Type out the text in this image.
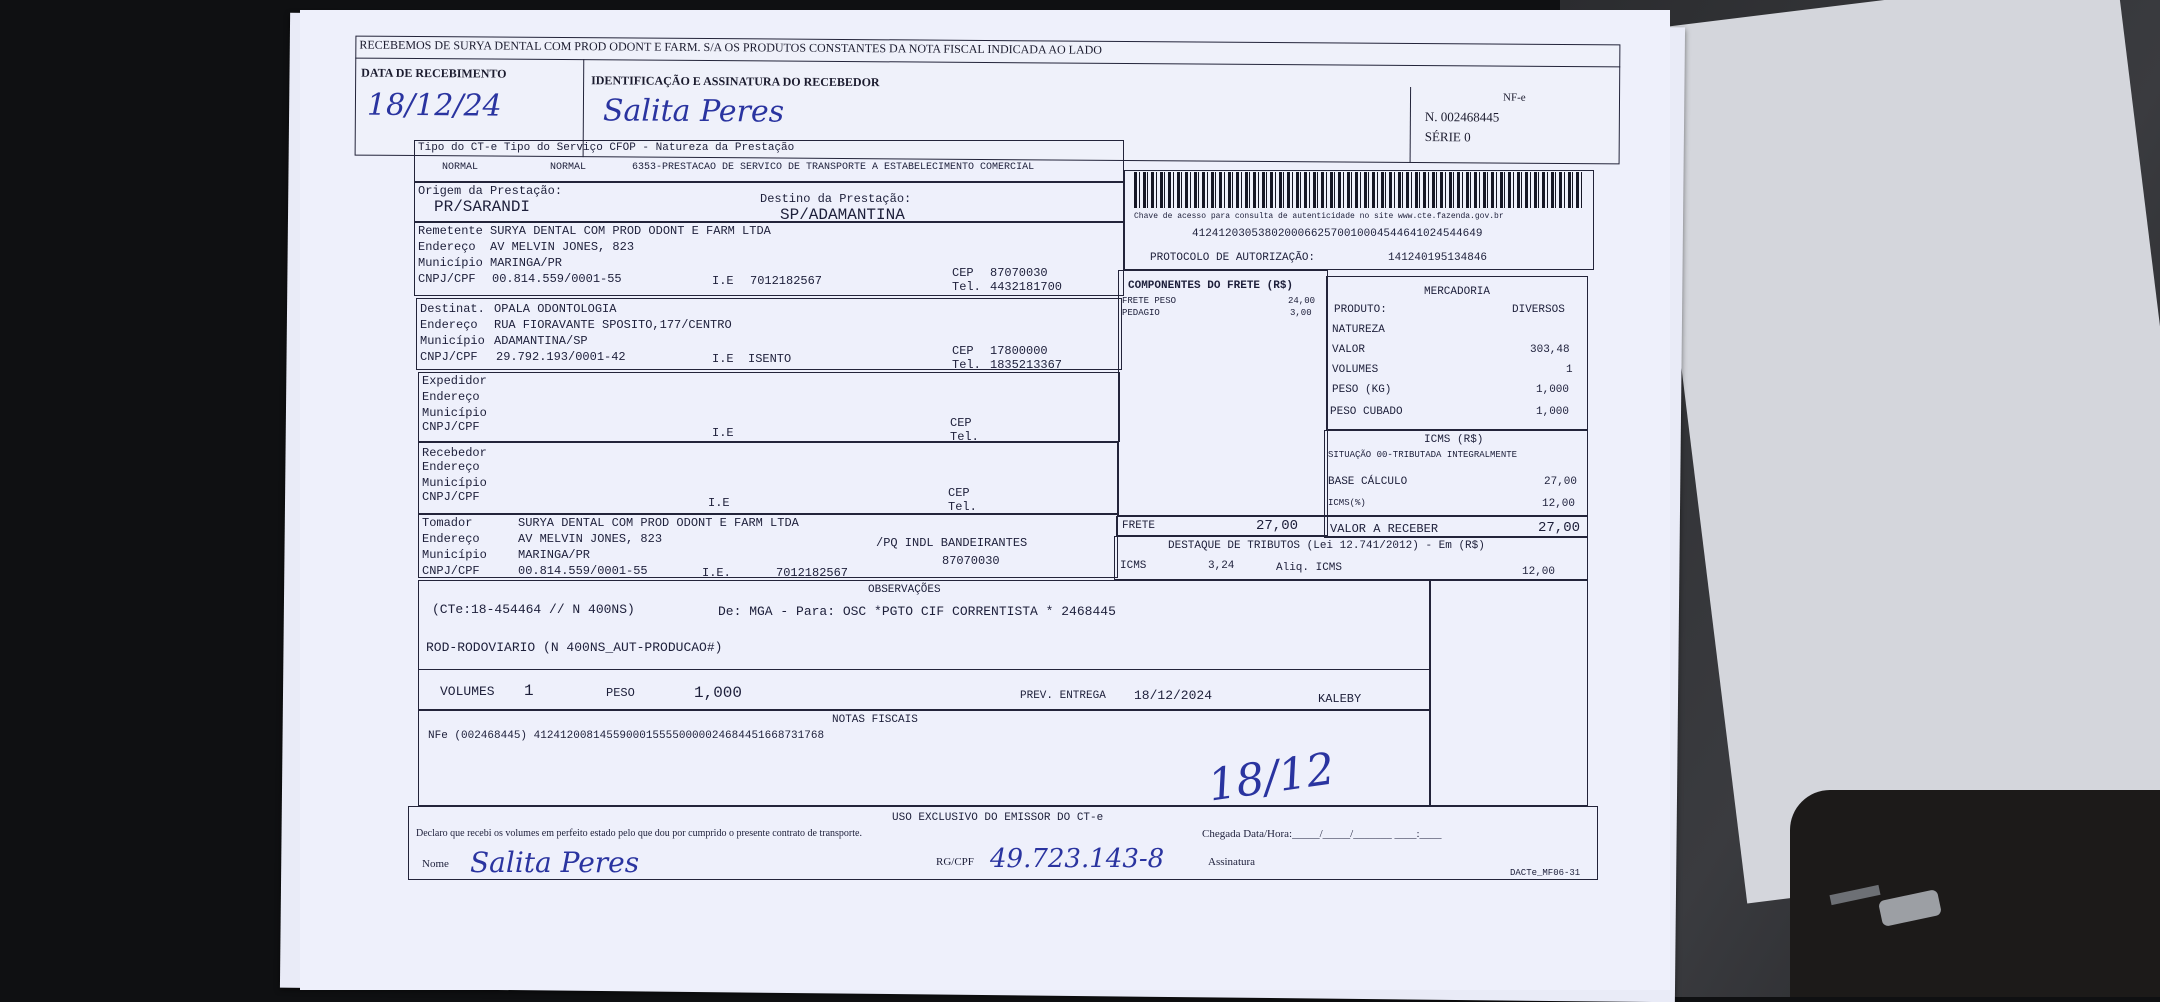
RECEBEMOS DE SURYA DENTAL COM PROD ODONT E FARM. S/A OS PRODUTOS CONSTANTES DA NOTA FISCAL INDICADA AO LADO
DATA DE RECEBIMENTO
18/12/24
IDENTIFICAÇÃO E ASSINATURA DO RECEBEDOR
Salita Peres	NF-e
N. 002468445
SÉRIE 0
Tipo do CT-e Tipo do Serviço CFOP - Natureza da Prestação
NORMAL	NORMAL	6353-PRESTACAO DE SERVICO DE TRANSPORTE A ESTABELECIMENTO COMERCIAL
Origem da Prestação:
PR/SARANDI	Destino da Prestação:
SP/ADAMANTINA	Chave de acesso para consulta de autenticidade no site www.cte.fazenda.gov.br
41241203053802000662570010004544641024544649
PROTOCOLO DE AUTORIZAÇÃO:	141240195134846
Remetente SURYA DENTAL COM PROD ODONT E FARM LTDA
Endereço AV MELVIN JONES, 823
Município MARINGA/PR
CNPJ/CPF 00.814.559/0001-55	I.E 7012182567
CEP 87070030
Tel. 4432181700
Destinat. OPALA ODONTOLOGIA
Endereço RUA FIORAVANTE SPOSITO,177/CENTRO
Município ADAMANTINA/SP
CNPJ/CPF 29.792.193/0001-42	I.E ISENTO
CEP 17800000
Tel. 1835213367
Expedidor
Endereço
Município
CNPJ/CPF	I.E
CEP
Tel.
Recebedor
Endereço
Município
CNPJ/CPF	I.E
CEP
Tel.
Tomador	SURYA DENTAL COM PROD ODONT E FARM LTDA
Endereço	AV MELVIN JONES, 823	/PQ INDL BANDEIRANTES
Município	MARINGA/PR	87070030
CNPJ/CPF	00.814.559/0001-55	I.E.	7012182567
COMPONENTES DO FRETE (R$)
FRETE PESO	24,00
PEDAGIO	3,00
FRETE	27,00
MERCADORIA
PRODUTO:	DIVERSOS
NATUREZA
VALOR	303,48
VOLUMES	1
PESO (KG)	1,000
PESO CUBADO	1,000
ICMS (R$)
SITUAÇÃO 00-TRIBUTADA INTEGRALMENTE
BASE CÁLCULO	27,00
ICMS(%)	12,00
VALOR A RECEBER	27,00
DESTAQUE DE TRIBUTOS (Lei 12.741/2012) - Em (R$)
ICMS	3,24	Aliq. ICMS	12,00
OBSERVAÇÕES
(CTe:18-454464 // N 400NS)	De: MGA - Para: OSC *PGTO CIF CORRENTISTA * 2468445
ROD-RODOVIARIO (N 400NS_AUT-PRODUCAO#)
VOLUMES 1	PESO	1,000	PREV. ENTREGA 18/12/2024	KALEBY
NOTAS FISCAIS
NFe (002468445) 41241200814559000155550000024684451668731768
18/12
USO EXCLUSIVO DO EMISSOR DO CT-e
Declaro que recebi os volumes em perfeito estado pelo que dou por cumprido o presente contrato de transporte.	Chegada Data/Hora:_____/_____/_______ ____:____
Nome Salita Peres	RG/CPF 49.723.143-8	Assinatura
DACTe_MF06-31
